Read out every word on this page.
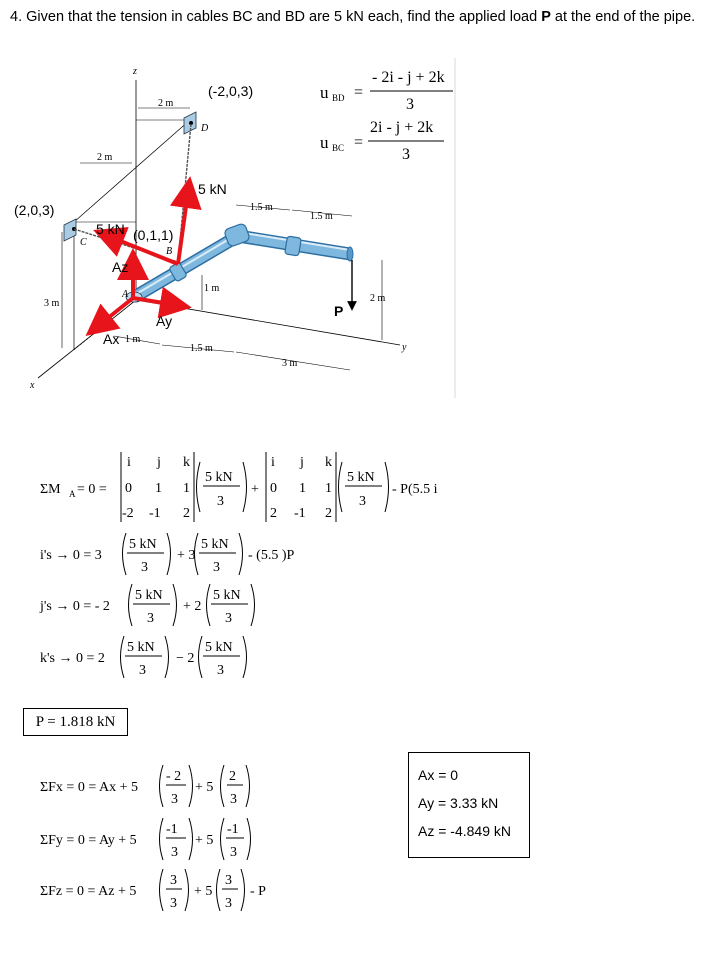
4. Given that the tension in cables BC and BD are 5 kN each, find the applied load P at the end of the pipe.
z
y
x
2 m
2 m
3 m
D
(-2,0,3)
C
(2,0,3)	1.5 m
1.5 m
1 m
2 m
1 m
1.5 m
3 m
P
B
A
(0,1,1)
5 kN
5 kN
Az
Ay
Ax
u BD =
- 2i - j + 2k
3
u BC =
2i - j + 2k
3
ΣM A = 0 =
i j k
0 1 1
-2 -1 2
5 kN
3
+
i j k
0 1 1
2 -1 2
5 kN
3
- P(5.5 i
i's → 0 = 3
5 kN
3
+ 3
5 kN
3
- (5.5 )P
j's → 0 = - 2
5 kN
3
+ 2
5 kN
3
k's → 0 = 2
5 kN
3
− 2
5 kN
3
ΣFx = 0 = Ax + 5
- 2
3
+ 5
2
3
ΣFy = 0 = Ay + 5
-1
3
+ 5
-1
3
ΣFz = 0 = Az + 5
3
3
+ 5
3
3
- P
P = 1.818 kN
Ax = 0
Ay = 3.33 kN
Az = -4.849 kN
